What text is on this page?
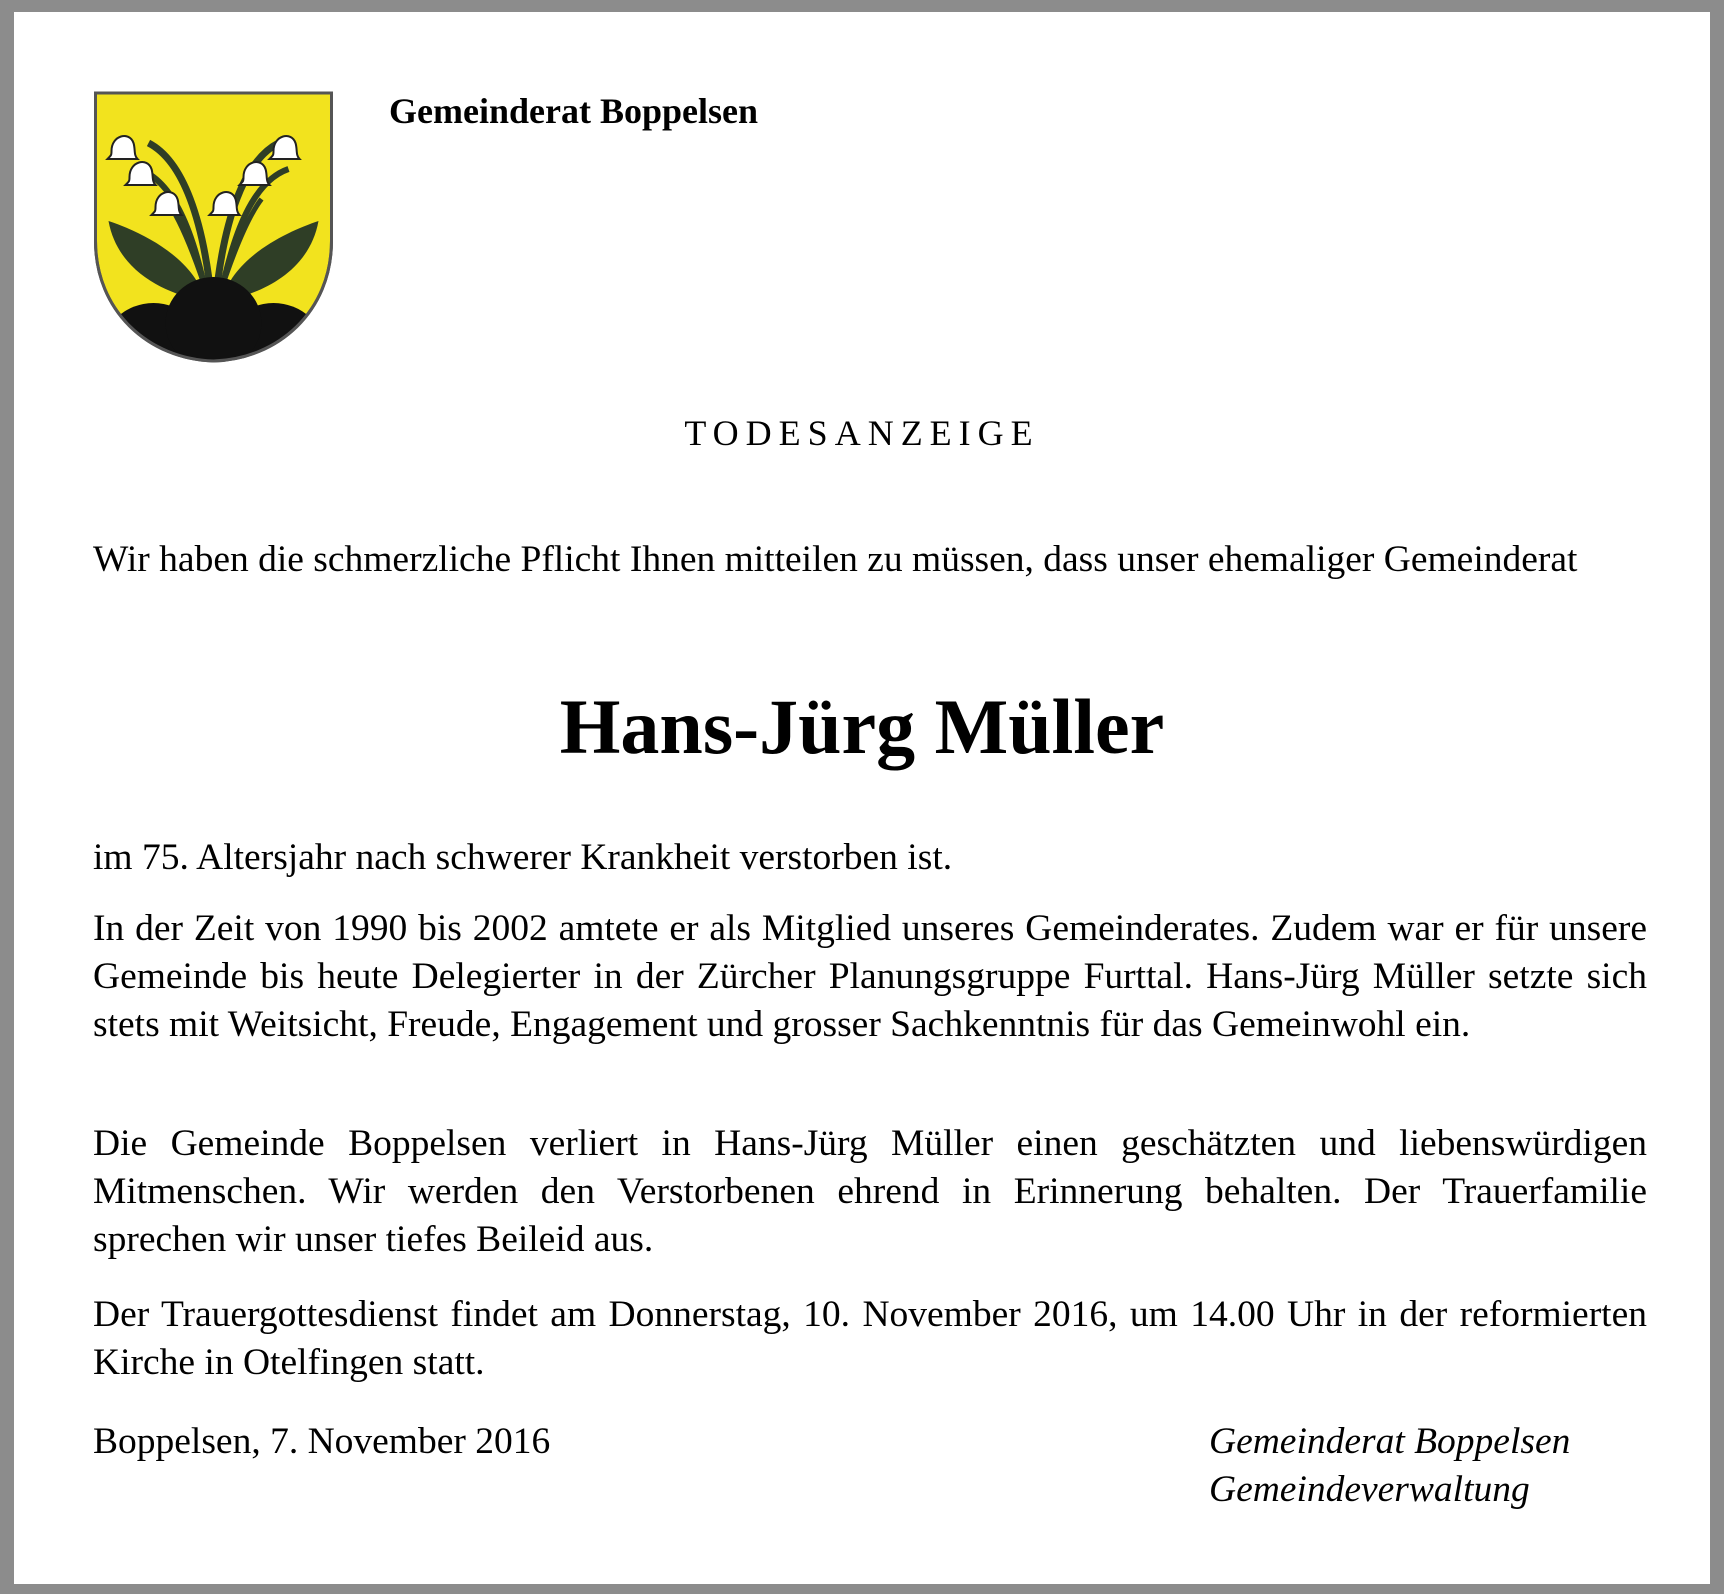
Gemeinderat Boppelsen
TODESANZEIGE

Wir haben die schmerzliche Pflicht Ihnen mitteilen zu müssen, dass unser ehemaliger Gemeinderat

Hans-Jürg Müller

im 75. Altersjahr nach schwerer Krankheit verstorben ist.

In der Zeit von 1990 bis 2002 amtete er als Mitglied unseres Gemeinderates. Zudem war er für unsere Gemeinde bis heute Delegierter in der Zürcher Planungsgruppe Furttal. Hans-Jürg Müller setzte sich stets mit Weitsicht, Freude, Engagement und grosser Sachkenntnis für das Gemeinwohl ein.

Die Gemeinde Boppelsen verliert in Hans-Jürg Müller einen geschätzten und liebenswürdigen Mitmenschen. Wir werden den Verstorbenen ehrend in Erinnerung behalten. Der Trauerfamilie sprechen wir unser tiefes Beileid aus.

Der Trauergottesdienst findet am Donnerstag, 10. November 2016, um 14.00 Uhr in der reformierten Kirche in Otelfingen statt.

Boppelsen, 7. November 2016	Gemeinderat Boppelsen
Gemeindeverwaltung
